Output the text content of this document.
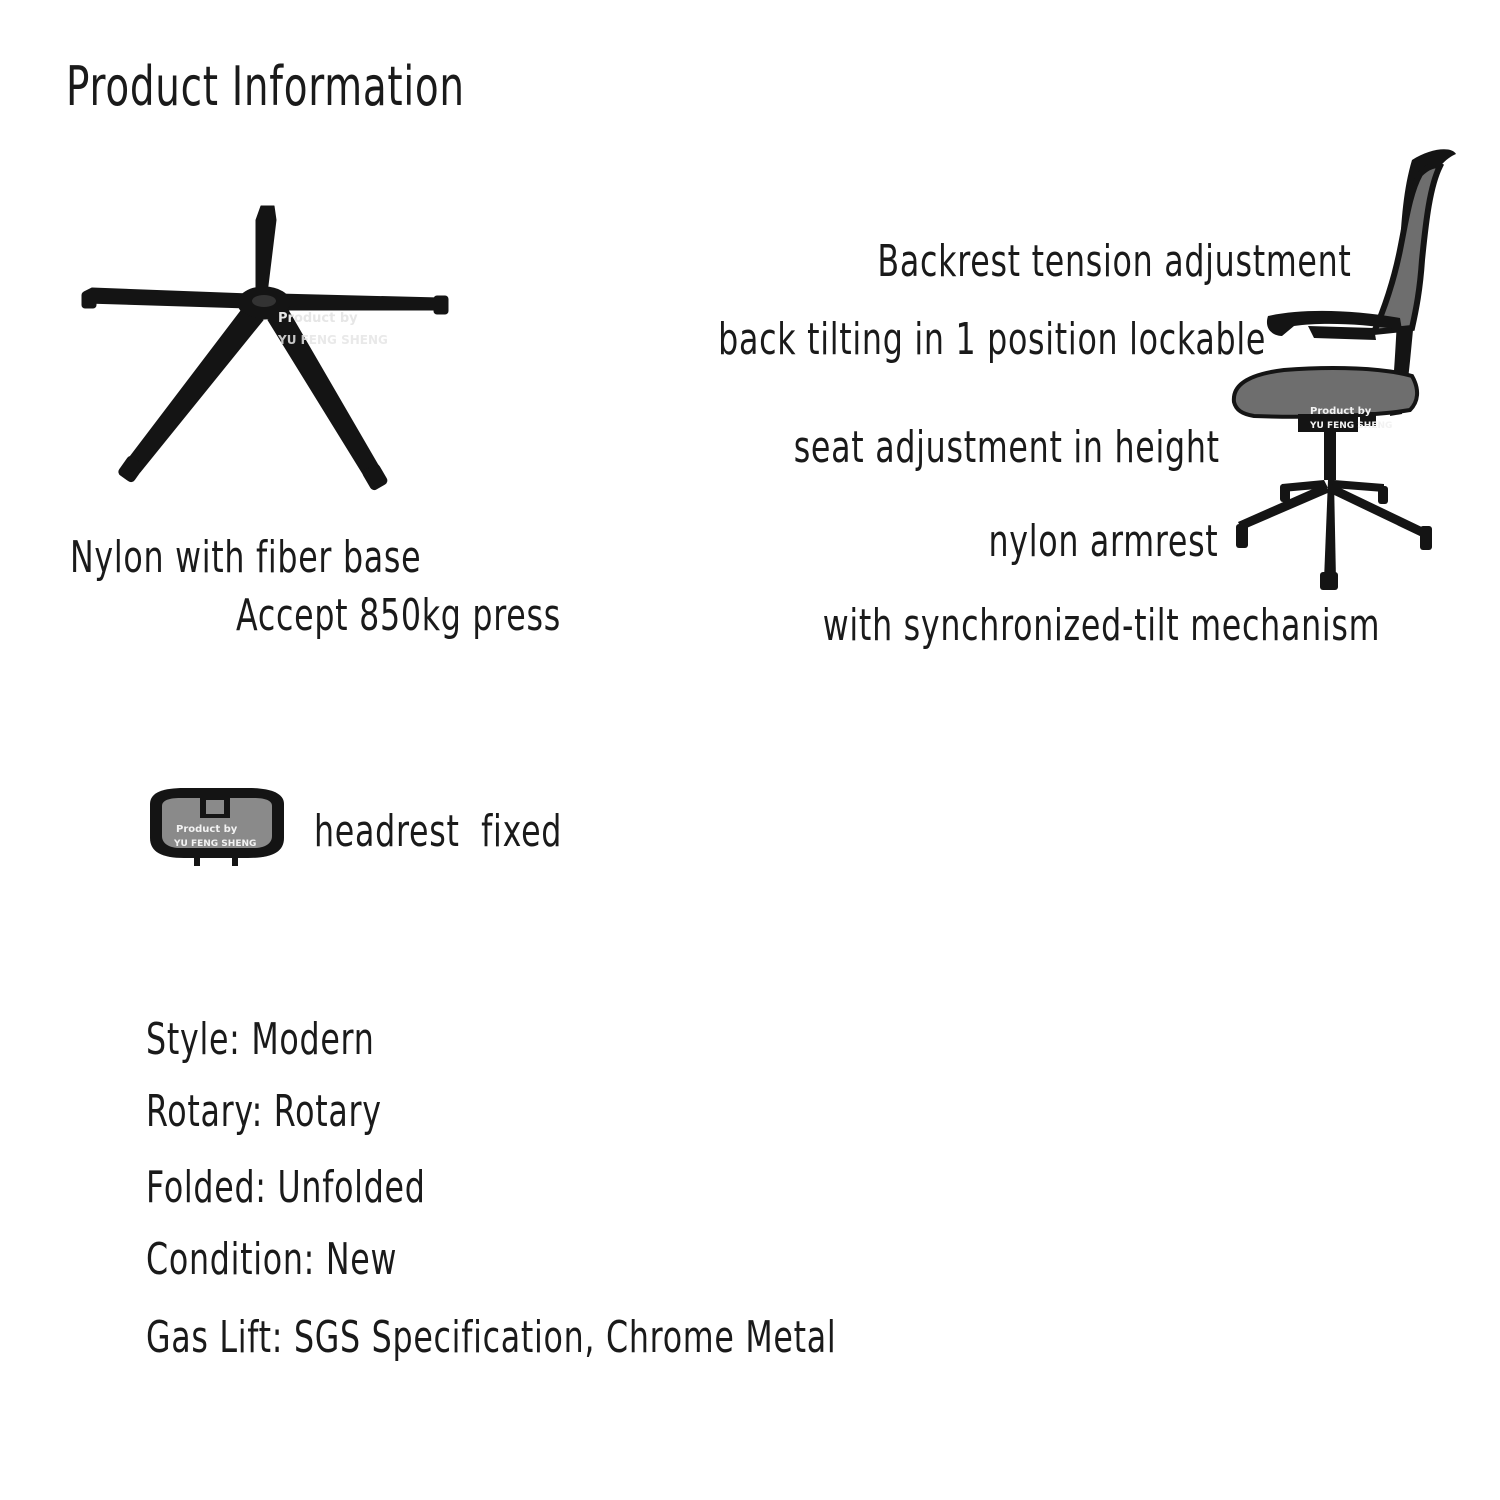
Product Information
Product by
YU FENG SHENG
Nylon with fiber base
Accept 850kg press
Product by
YU FENG SHENG
Backrest tension adjustment
back tilting in 1 position lockable
seat adjustment in height
nylon armrest
with synchronized-tilt mechanism
Product by
YU FENG SHENG headrest  fixed
Style: Modern
Rotary: Rotary
Folded: Unfolded
Condition: New
Gas Lift: SGS Specification, Chrome Metal
